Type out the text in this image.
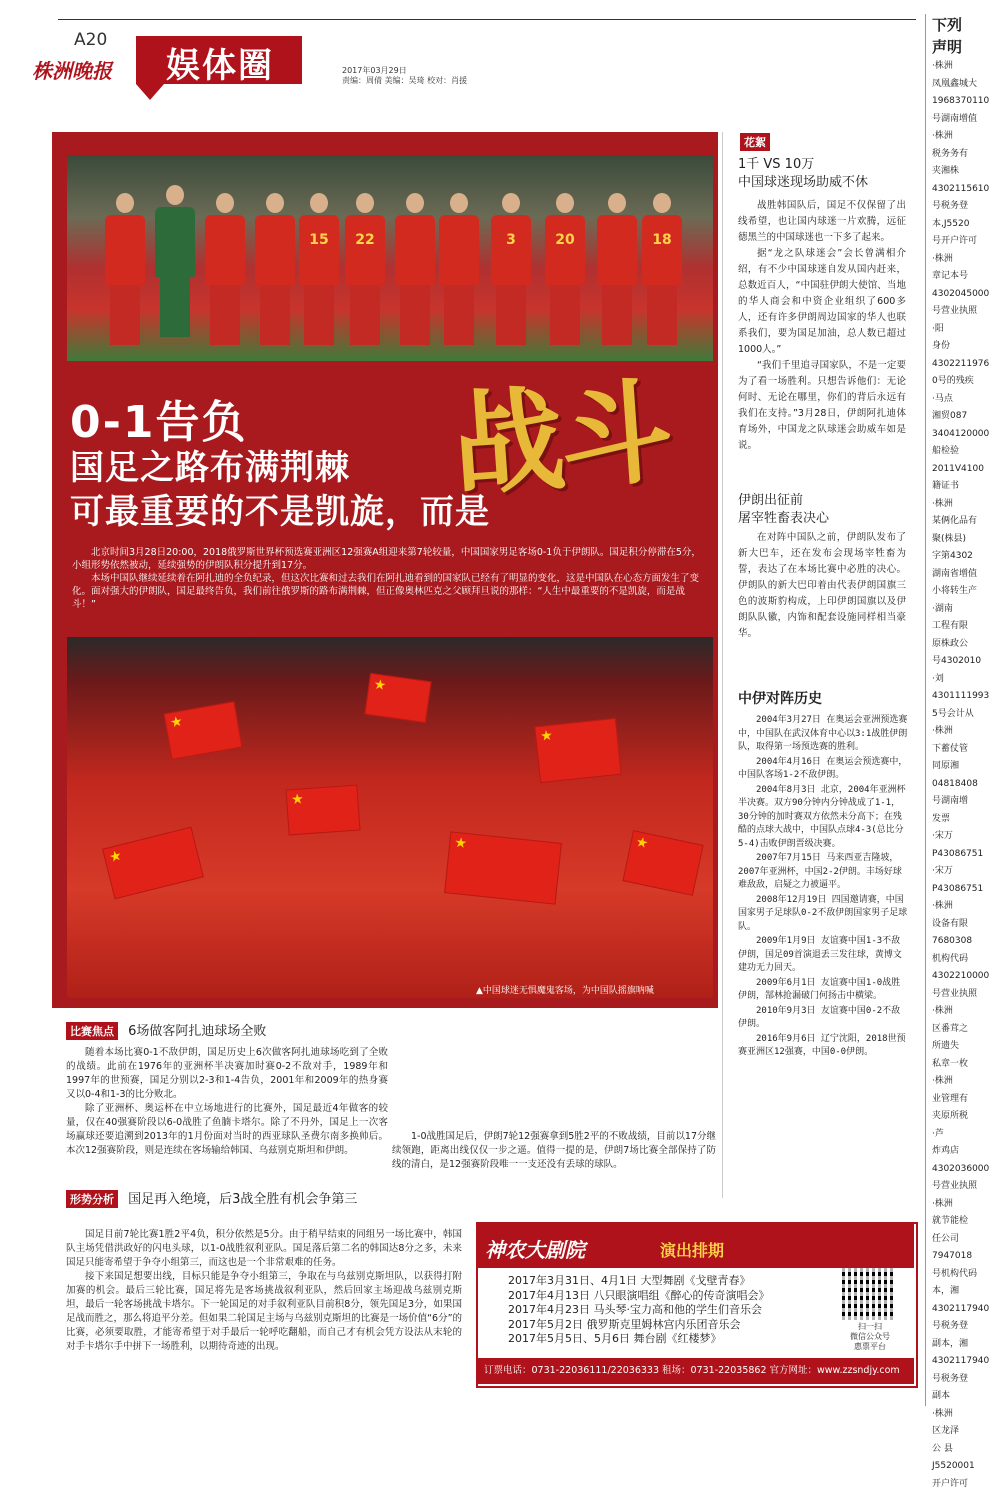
A20
株洲晚报	娱体圈	2017年03月29日
责编：周倩 美编：吴琦 校对：肖援
15	22	3	20	18
0-1告负
国足之路布满荆棘
可最重要的不是凯旋，而是
战斗

北京时间3月28日20:00，2018俄罗斯世界杯预选赛亚洲区12强赛A组迎来第7轮较量，中国国家男足客场0-1负于伊朗队。国足积分停滞在5分，小组形势依然被动，延续强势的伊朗队积分提升到17分。

本场中国队继续延续着在阿扎迪的全负纪录，但这次比赛和过去我们在阿扎迪看到的国家队已经有了明显的变化，这是中国队在心态方面发生了变化。面对强大的伊朗队，国足最终告负，我们前往俄罗斯的路布满荆棘，但正像奥林匹克之父顾拜旦说的那样：“人生中最重要的不是凯旋，而是战斗！”

★
★
★
★
★
★
★
▲中国球迷无惧魔鬼客场，为中国队摇旗呐喊
比赛焦点 6场做客阿扎迪球场全败

随着本场比赛0-1不敌伊朗，国足历史上6次做客阿扎迪球场吃到了全败的战绩。此前在1976年的亚洲杯半决赛加时赛0-2不敌对手，1989年和1997年的世预赛，国足分别以2-3和1-4告负，2001年和2009年的热身赛又以0-4和1-3的比分败北。

除了亚洲杯、奥运杯在中立场地进行的比赛外，国足最近4年做客的较量，仅在40强赛阶段以6-0战胜了鱼腩卡塔尔。除了不丹外，国足上一次客场赢球还要追溯到2013年的1月份面对当时的西亚球队圣费尔南多换帅后。本次12强赛阶段，则是连续在客场输给韩国、乌兹别克斯坦和伊朗。

1-0战胜国足后，伊朗7轮12强赛拿到5胜2平的不败战绩，目前以17分继续领跑，距离出线仅仅一步之遥。值得一提的是，伊朗7场比赛全部保持了防线的清白，是12强赛阶段唯一一支还没有丢球的球队。

形势分析 国足再入绝境，后3战全胜有机会争第三

国足目前7轮比赛1胜2平4负，积分依然是5分。由于稍早结束的同组另一场比赛中，韩国队主场凭借洪政好的闪电头球，以1-0战胜叙利亚队。国足落后第二名的韩国达8分之多，未来国足只能寄希望于争夺小组第三，而这也是一个非常艰难的任务。

接下来国足想要出线，目标只能是争夺小组第三，争取在与乌兹别克斯坦队，以获得打附加赛的机会。最后三轮比赛，国足将先是客场挑战叙利亚队，然后回家主场迎战乌兹别克斯坦，最后一轮客场挑战卡塔尔。下一轮国足的对手叙利亚队目前积8分，领先国足3分，如果国足战而胜之，那么将追平分差。但如果二轮国足主场与乌兹别克斯坦的比赛是一场价值“6分”的比赛，必须要取胜，才能寄希望于对手最后一轮呼吃翻船，而自己才有机会凭方设法从末轮的对手卡塔尔手中拼下一场胜利，以期待奇迹的出现。

花絮
1千 VS 10万
中国球迷现场助威不休

战胜韩国队后，国足不仅保留了出线希望，也让国内球迷一片欢腾，远征德黑兰的中国球迷也一下多了起来。

据“龙之队球迷会”会长曾满相介绍，有不少中国球迷自发从国内赶来，总数近百人，“中国驻伊朗大使馆、当地的华人商会和中资企业组织了600多人，还有许多伊朗周边国家的华人也联系我们，要为国足加油，总人数已超过1000人。”

“我们千里追寻国家队，不是一定要为了看一场胜利。只想告诉他们：无论何时、无论在哪里，你们的背后永远有我们在支持。”3月28日，伊朗阿扎迪体育场外，中国龙之队球迷会助威车如是说。

伊朗出征前
屠宰牲畜表决心

在对阵中国队之前，伊朗队发布了新大巴车，还在发布会现场宰牲畜为誓，表达了在本场比赛中必胜的决心。伊朗队的新大巴印着由代表伊朗国旗三色的波斯豹构成，上印伊朗国旗以及伊朗队队徽，内饰和配套设施同样相当豪华。

中伊对阵历史

2004年3月27日 在奥运会亚洲预选赛中，中国队在武汉体育中心以3:1战胜伊朗队，取得第一场预选赛的胜利。

2004年4月16日 在奥运会预选赛中，中国队客场1-2不敌伊朗。

2004年8月3日 北京，2004年亚洲杯半决赛。双方90分钟内分钟战成了1-1，30分钟的加时赛双方依然未分高下；在残酷的点球大战中，中国队点球4-3(总比分5-4)击败伊朗晋级决赛。

2007年7月15日 马来西亚吉隆坡，2007年亚洲杯，中国2-2伊朗。丰场好球难敌敌，启疑之力被逼平。

2008年12月19日 四国邀请赛，中国国家男子足球队0-2不敌伊朗国家男子足球队。

2009年1月9日 友谊赛中国1-3不敌伊朗，国足09首演退丢三发往球，黄博文建功无力回天。

2009年6月1日 友谊赛中国1-0战胜伊朗，郜林抢漏破门何扬击中横梁。

2010年9月3日 友谊赛中国0-2不敌伊朗。

2016年9月6日 辽宁沈阳，2018世预赛亚洲区12强赛，中国0-0伊朗。

神农大剧院	演出排期
2017年3月31日、4月1日 大型舞剧《戈壁青春》
2017年4月13日 八只眼演唱组《醉心的传奇演唱会》
2017年4月23日 马头琴·宝力高和他的学生们音乐会
2017年5月2日 俄罗斯克里姆林宫内乐团音乐会
2017年5月5日、5月6日 舞台剧《红楼梦》
扫一扫
微信公众号
惠票平台
订票电话：0731-22036111/22036333 租场：0731-22035862 官方网址：www.zzsndjy.com
下列
声明
·株洲
凤凰鑫城大
1968370110
号湖南增值
·株洲
税务务有
夹湘株
4302115610
号税务登
本,J5520
号开户许可
·株洲
章记本号
4302045000
号营业执照
·阳
身份
4302211976
0号的残疾
·马点
湘贸087
3404120000
船检验
2011V4100
籍证书
·株洲
某俩化品有
聚(株县)
字第4302
湖南省增值
小将转生产
·湖南
工程有限
原株政公
号4302010
·刘
4301111993
5号会计从
·株洲
下蓄仗管
同原湘
04818408
号湖南增
发票
·宋万
P43086751
·宋万
P43086751
·株洲
设备有限
7680308
机构代码
4302210000
号营业执照
·株洲
区番茸之
所遗失
私章一枚
·株洲
业管理有
夹原所税
·芦
炸鸡店
4302036000
号营业执照
·株洲
就节能检
任公司
7947018
号机构代码
本，湘
4302117940
号税务登
副本，湘
4302117940
号税务登
副本
·株洲
区龙泽
公 县
J5520001
开户许可
